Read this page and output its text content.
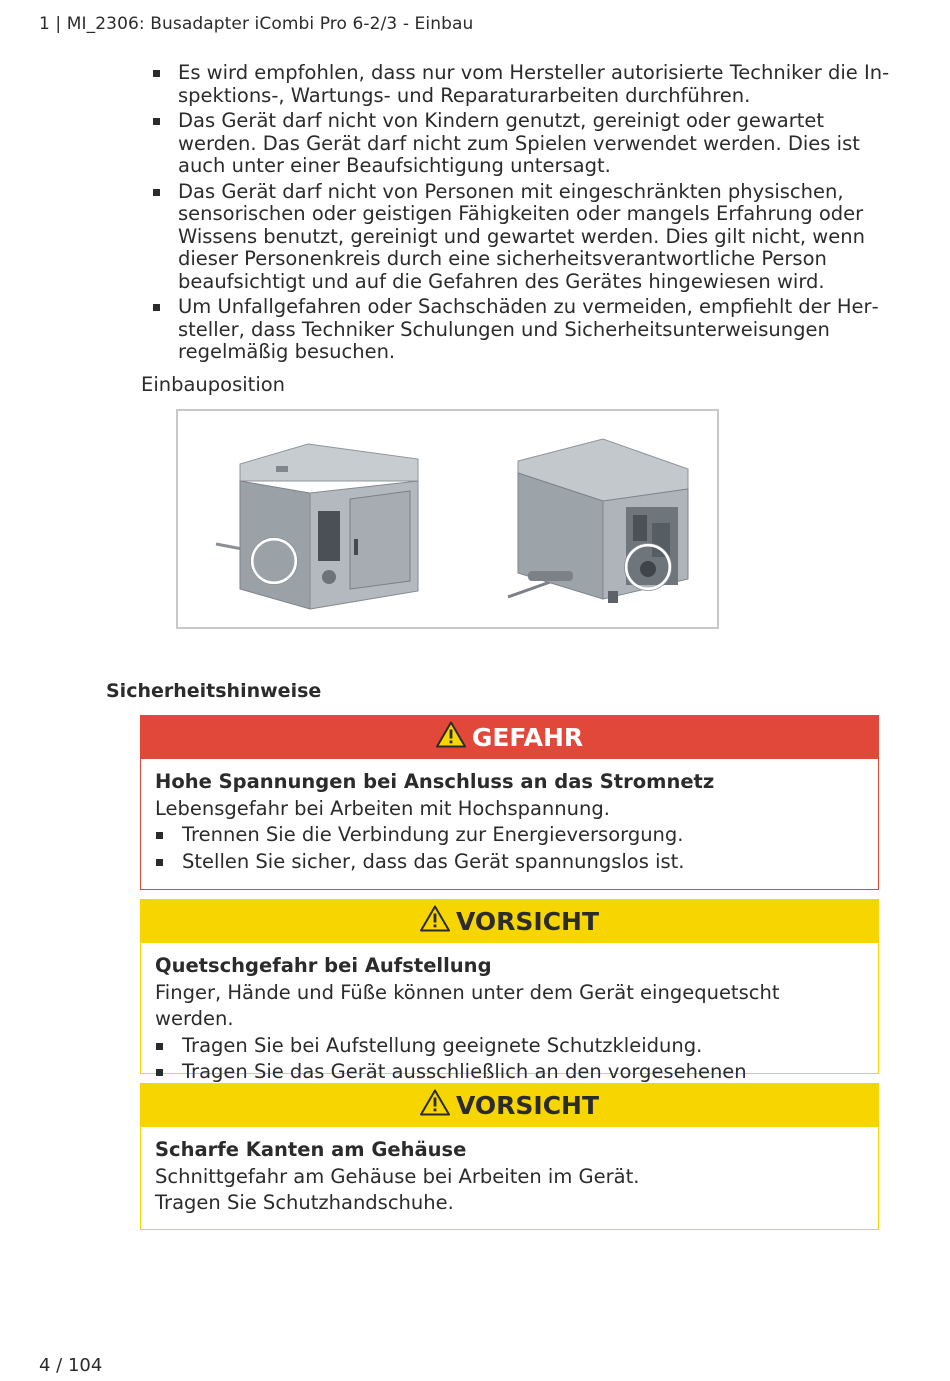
1 | MI_2306: Busadapter iCombi Pro 6-2/3 - Einbau
Es wird empfohlen, dass nur vom Hersteller autorisierte Techniker die Inspektions-, Wartungs- und Reparaturarbeiten durchführen.
Das Gerät darf nicht von Kindern genutzt, gereinigt oder gewartet werden. Das Gerät darf nicht zum Spielen verwendet werden. Dies ist auch unter einer Beaufsichtigung untersagt.
Das Gerät darf nicht von Personen mit eingeschränkten physischen, sensorischen oder geistigen Fähigkeiten oder mangels Erfahrung oder Wissens benutzt, gereinigt und gewartet werden. Dies gilt nicht, wenn dieser Personenkreis durch eine sicherheitsverantwortliche Person beaufsichtigt und auf die Gefahren des Gerätes hingewiesen wird.
Um Unfallgefahren oder Sachschäden zu vermeiden, empfiehlt der Hersteller, dass Techniker Schulungen und Sicherheitsunterweisungen regelmäßig besuchen.
Einbauposition
Sicherheitshinweise
GEFAHR
Hohe Spannungen bei Anschluss an das Stromnetz
Lebensgefahr bei Arbeiten mit Hochspannung.
Trennen Sie die Verbindung zur Energieversorgung.
Stellen Sie sicher, dass das Gerät spannungslos ist.
VORSICHT
Quetschgefahr bei Aufstellung
Finger, Hände und Füße können unter dem Gerät eingequetscht werden.
Tragen Sie bei Aufstellung geeignete Schutzkleidung.
Tragen Sie das Gerät ausschließlich an den vorgesehenen
VORSICHT
Scharfe Kanten am Gehäuse
Schnittgefahr am Gehäuse bei Arbeiten im Gerät.
Tragen Sie Schutzhandschuhe.
4 / 104
